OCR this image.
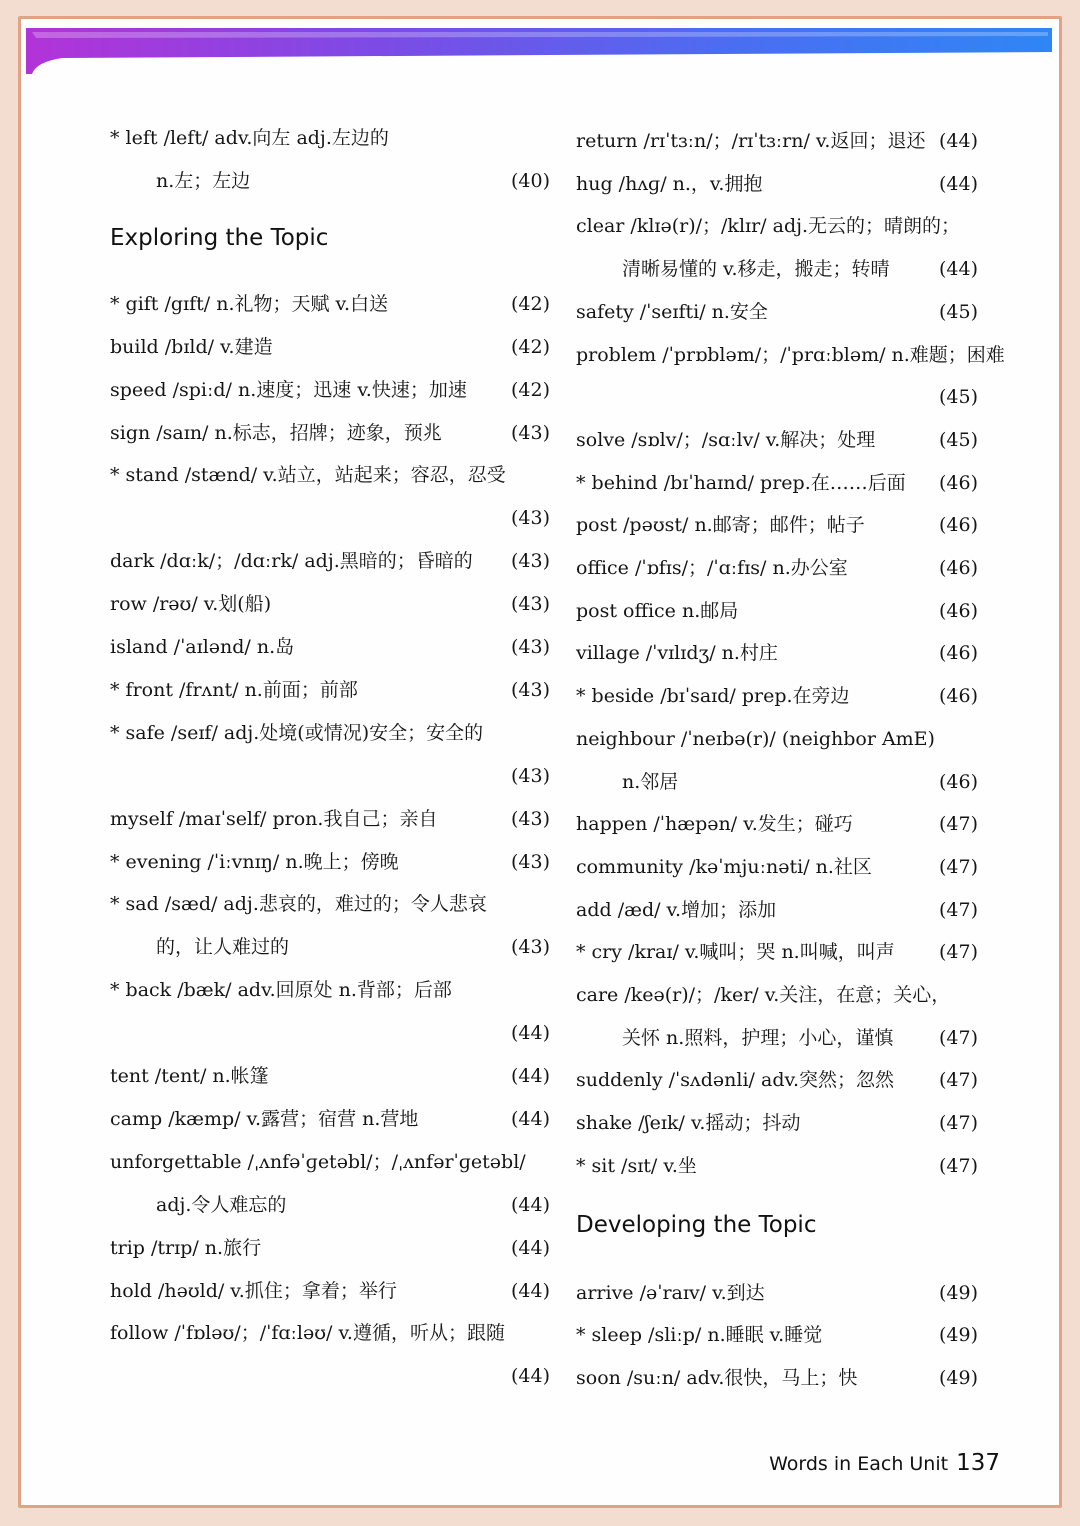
* left /left/ adv.向左 adj.左边的
n.左；左边	(40)
Exploring the Topic
* gift /gɪft/ n.礼物；天赋 v.白送	(42)
build /bɪld/ v.建造	(42)
speed /spiːd/ n.速度；迅速 v.快速；加速 (42)
sign /saɪn/ n.标志，招牌；迹象，预兆	(43)
* stand /stænd/ v.站立，站起来；容忍，忍受
(43)
dark /dɑːk/；/dɑːrk/ adj.黑暗的；昏暗的 (43)
row /rəʊ/ v.划(船)	(43)
island /ˈaɪlənd/ n.岛	(43)
* front /frʌnt/ n.前面；前部	(43)
* safe /seɪf/ adj.处境(或情况)安全；安全的
(43)
myself /maɪˈself/ pron.我自己；亲自	(43)
* evening /ˈiːvnɪŋ/ n.晚上；傍晚	(43)
* sad /sæd/ adj.悲哀的，难过的；令人悲哀
的，让人难过的	(43)
* back /bæk/ adv.回原处 n.背部；后部
(44)
tent /tent/ n.帐篷	(44)
camp /kæmp/ v.露营；宿营 n.营地	(44)
unforgettable /ˌʌnfəˈɡetəbl/；/ˌʌnfərˈɡetəbl/
adj.令人难忘的	(44)
trip /trɪp/ n.旅行	(44)
hold /həʊld/ v.抓住；拿着；举行	(44)
follow /ˈfɒləʊ/；/ˈfɑːləʊ/ v.遵循，听从；跟随
(44)
return /rɪˈtɜːn/；/rɪˈtɜːrn/ v.返回；退还 (44)
hug /hʌɡ/ n.，v.拥抱	(44)
clear /klɪə(r)/；/klɪr/ adj.无云的；晴朗的；
清晰易懂的 v.移走，搬走；转晴	(44)
safety /ˈseɪfti/ n.安全	(45)
problem /ˈprɒbləm/；/ˈprɑːbləm/ n.难题；困难
(45)
solve /sɒlv/；/sɑːlv/ v.解决；处理	(45)
* behind /bɪˈhaɪnd/ prep.在……后面 (46)
post /pəʊst/ n.邮寄；邮件；帖子	(46)
office /ˈɒfɪs/；/ˈɑːfɪs/ n.办公室	(46)
post office n.邮局	(46)
village /ˈvɪlɪdʒ/ n.村庄	(46)
* beside /bɪˈsaɪd/ prep.在旁边	(46)
neighbour /ˈneɪbə(r)/ (neighbor AmE)
n.邻居	(46)
happen /ˈhæpən/ v.发生；碰巧	(47)
community /kəˈmjuːnəti/ n.社区	(47)
add /æd/ v.增加；添加	(47)
* cry /kraɪ/ v.喊叫；哭 n.叫喊，叫声 (47)
care /keə(r)/；/ker/ v.关注，在意；关心，
关怀 n.照料，护理；小心，谨慎 (47)
suddenly /ˈsʌdənli/ adv.突然；忽然 (47)
shake /ʃeɪk/ v.摇动；抖动	(47)
* sit /sɪt/ v.坐	(47)
Developing the Topic
arrive /əˈraɪv/ v.到达	(49)
* sleep /sliːp/ n.睡眠 v.睡觉	(49)
soon /suːn/ adv.很快，马上；快	(49)
Words in Each Unit 137
